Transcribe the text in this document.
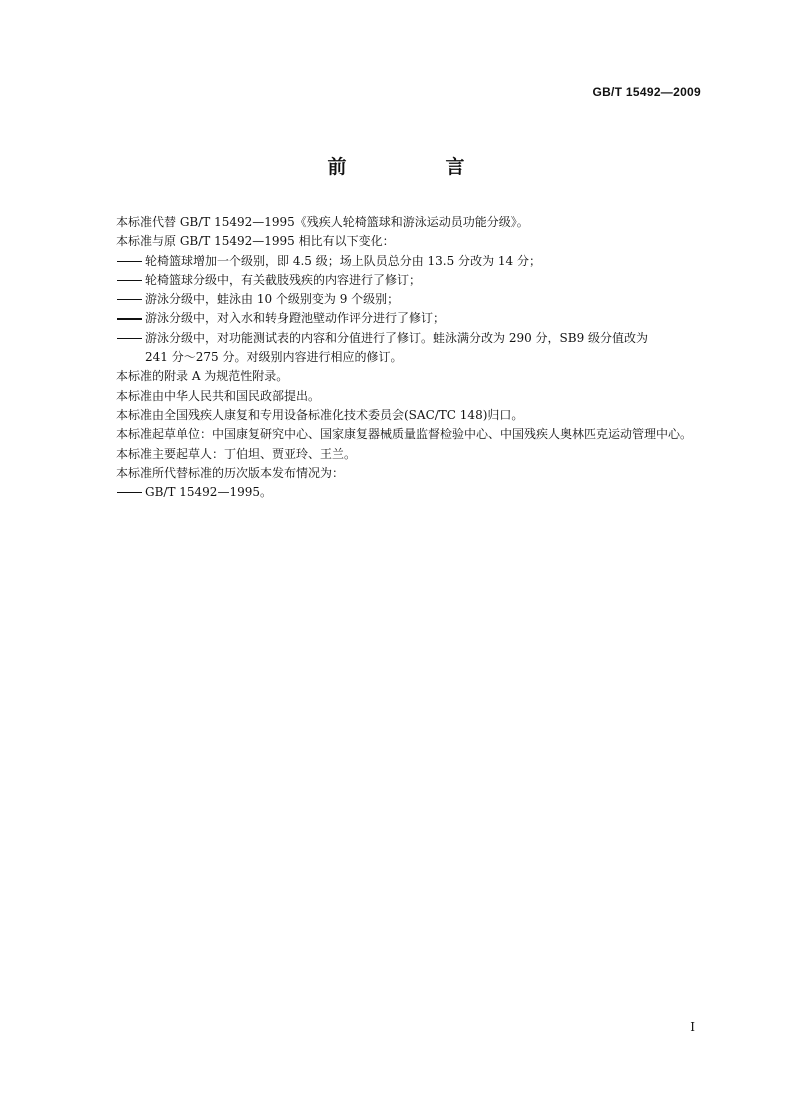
GB/T 15492—2009
前　言

本标准代替 GB/T 15492—1995《残疾人轮椅篮球和游泳运动员功能分级》。

本标准与原 GB/T 15492—1995 相比有以下变化：

轮椅篮球增加一个级别，即 4.5 级；场上队员总分由 13.5 分改为 14 分；
轮椅篮球分级中，有关截肢残疾的内容进行了修订；
游泳分级中，蛙泳由 10 个级别变为 9 个级别；
游泳分级中，对入水和转身蹬池壁动作评分进行了修订；
游泳分级中，对功能测试表的内容和分值进行了修订。蛙泳满分改为 290 分，SB9 级分值改为
241 分～275 分。对级别内容进行相应的修订。

本标准的附录 A 为规范性附录。

本标准由中华人民共和国民政部提出。

本标准由全国残疾人康复和专用设备标准化技术委员会(SAC/TC 148)归口。

本标准起草单位：中国康复研究中心、国家康复器械质量监督检验中心、中国残疾人奥林匹克运动管理中心。

本标准主要起草人：丁伯坦、贾亚玲、王兰。

本标准所代替标准的历次版本发布情况为：

GB/T 15492—1995。
I
